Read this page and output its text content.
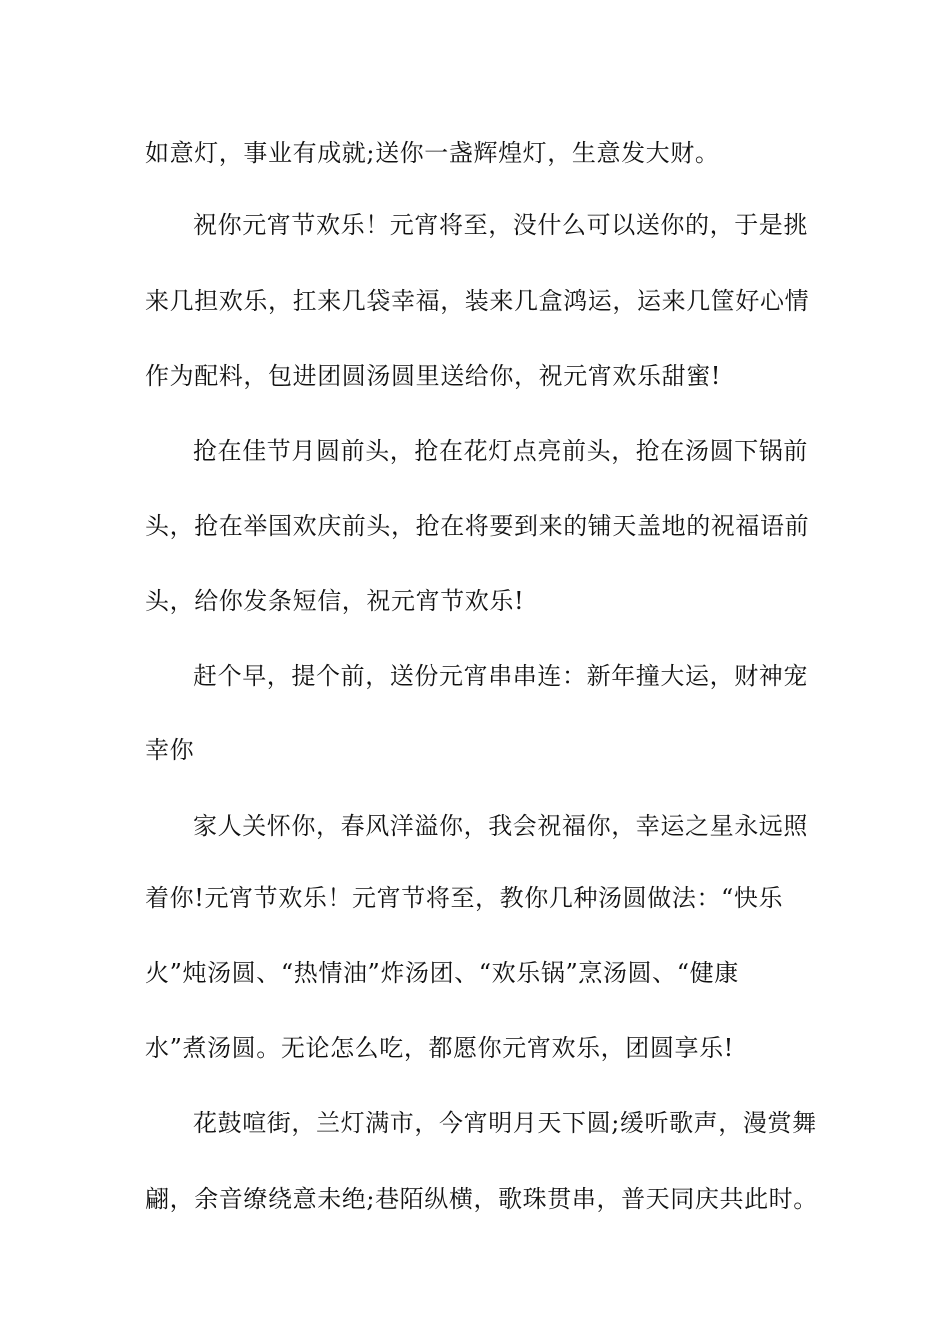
如意灯，事业有成就;送你一盏辉煌灯，生意发大财。

祝你元宵节欢乐！元宵将至，没什么可以送你的，于是挑

来几担欢乐，扛来几袋幸福，装来几盒鸿运，运来几筐好心情

作为配料，包进团圆汤圆里送给你，祝元宵欢乐甜蜜!

抢在佳节月圆前头，抢在花灯点亮前头，抢在汤圆下锅前

头，抢在举国欢庆前头，抢在将要到来的铺天盖地的祝福语前

头，给你发条短信，祝元宵节欢乐!

赶个早，提个前，送份元宵串串连：新年撞大运，财神宠

幸你

家人关怀你，春风洋溢你，我会祝福你，幸运之星永远照

着你!元宵节欢乐！元宵节将至，教你几种汤圆做法：“快乐

火”炖汤圆、“热情油”炸汤团、“欢乐锅”烹汤圆、“健康

水”煮汤圆。无论怎么吃，都愿你元宵欢乐，团圆享乐!

花鼓喧街，兰灯满市，今宵明月天下圆;缓听歌声，漫赏舞

翩，余音缭绕意未绝;巷陌纵横，歌珠贯串，普天同庆共此时。
